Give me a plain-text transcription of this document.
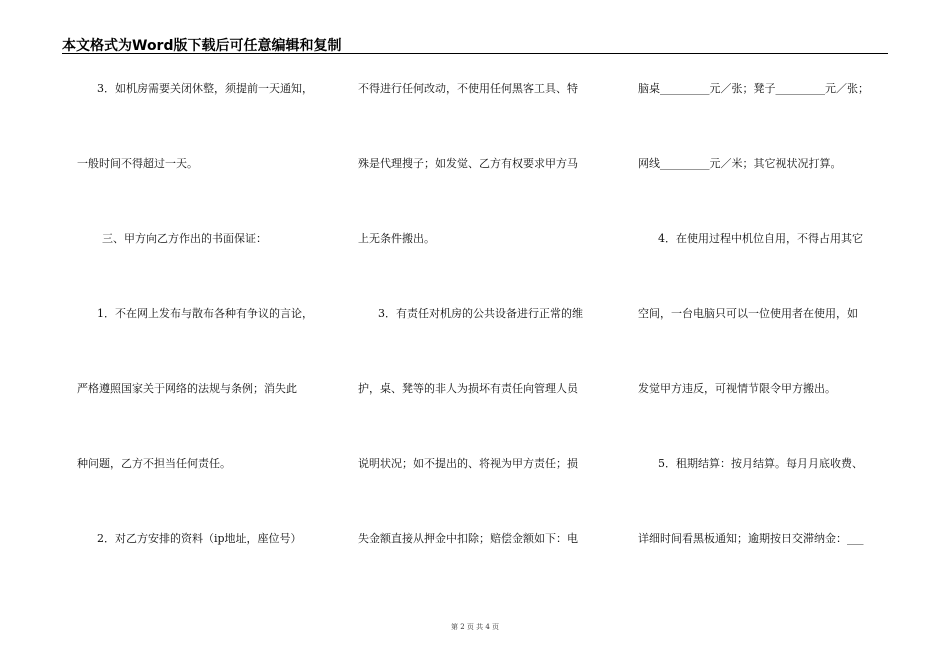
本文格式为Word版下载后可任意编辑和复制
3．如机房需要关闭休整，须提前一天通知，
一般时间不得超过一天。
三、甲方向乙方作出的书面保证：
1．不在网上发布与散布各种有争议的言论，
严格遵照国家关于网络的法规与条例；消失此
种问题，乙方不担当任何责任。
2．对乙方安排的资料（ip地址，座位号）
不得进行任何改动，不使用任何黑客工具、特
殊是代理搜子；如发觉、乙方有权要求甲方马
上无条件搬出。
3．有责任对机房的公共设备进行正常的维
护，桌、凳等的非人为损坏有责任向管理人员
说明状况；如不提出的、将视为甲方责任；损
失金额直接从押金中扣除；赔偿金额如下：电
脑桌_________元／张；凳子_________元／张；
网线_________元／米；其它视状况打算。
4．在使用过程中机位自用，不得占用其它
空间，一台电脑只可以一位使用者在使用，如
发觉甲方违反，可视情节限令甲方搬出。
5．租期结算：按月结算。每月月底收费、
详细时间看黑板通知；逾期按日交滞纳金：___
第 2 页 共 4 页
